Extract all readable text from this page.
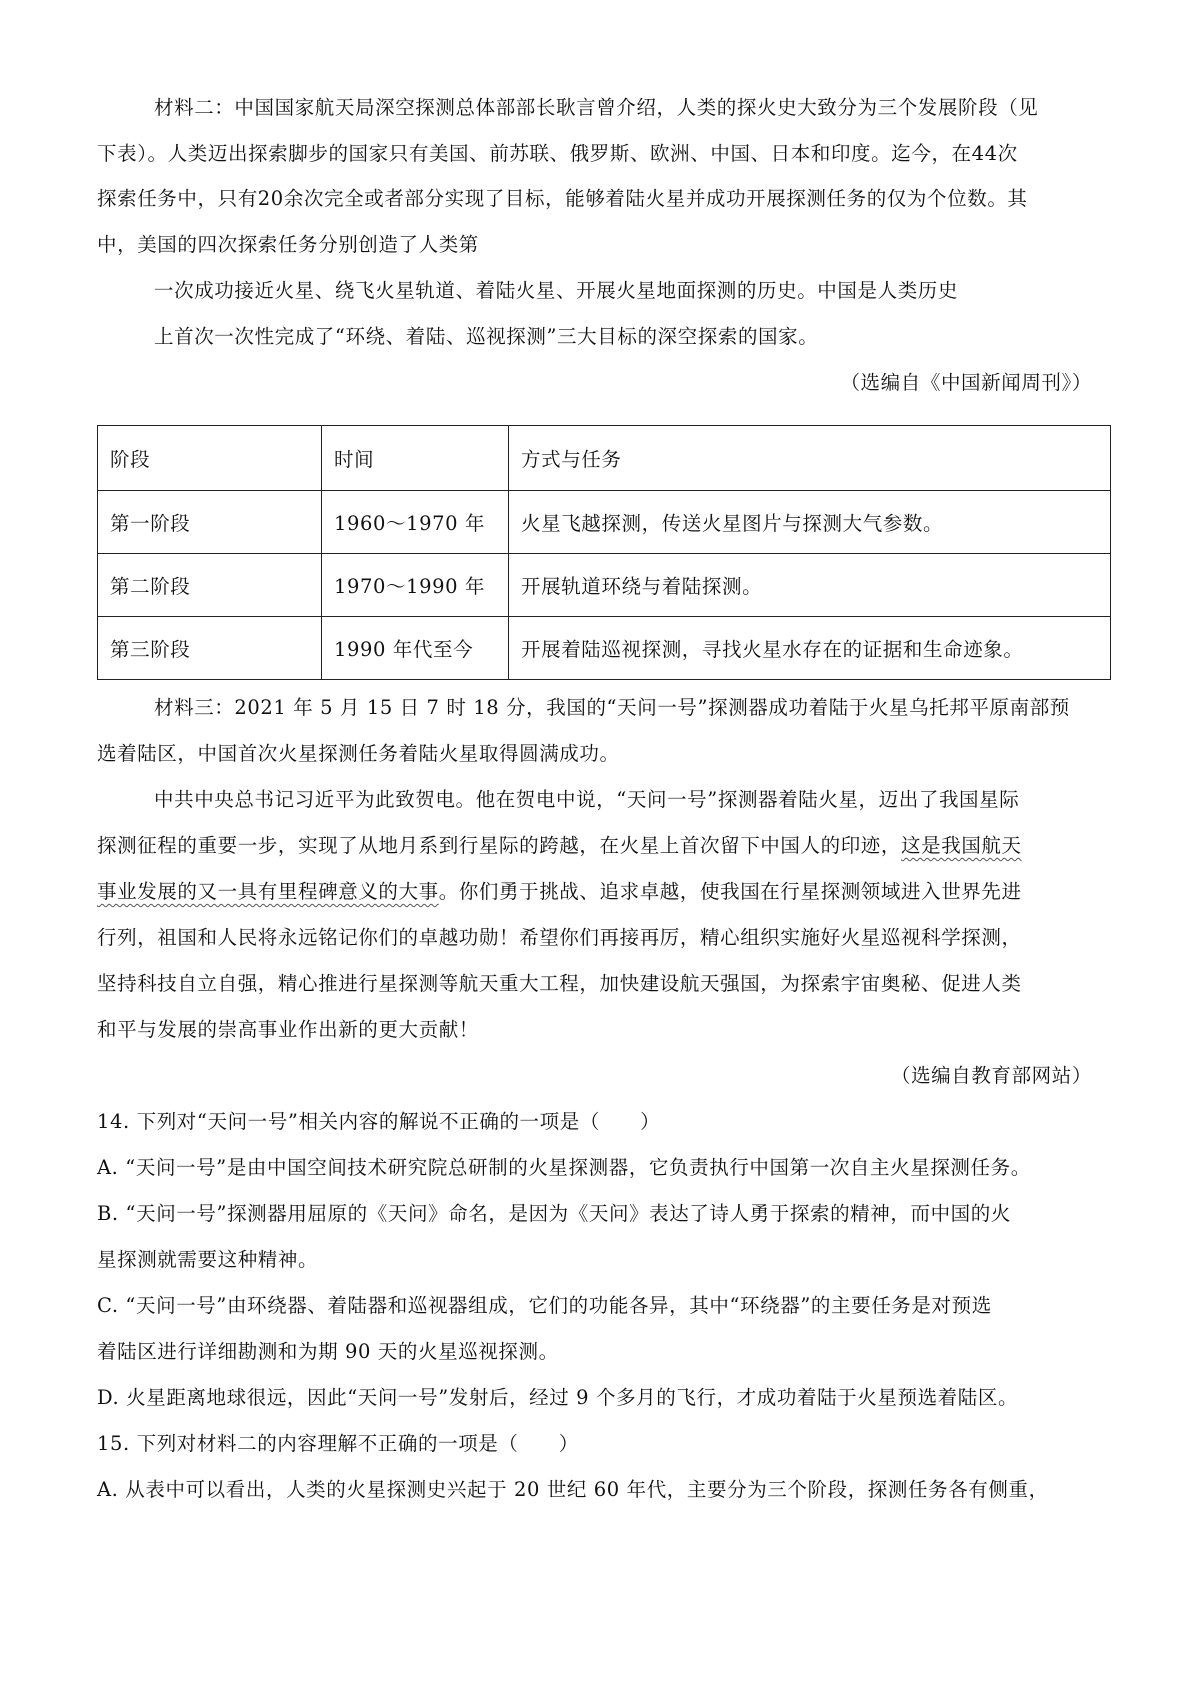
材料二：中国国家航天局深空探测总体部部长耿言曾介绍，人类的探火史大致分为三个发展阶段（见

下表）。人类迈出探索脚步的国家只有美国、前苏联、俄罗斯、欧洲、中国、日本和印度。迄今，在44次

探索任务中，只有20余次完全或者部分实现了目标，能够着陆火星并成功开展探测任务的仅为个位数。其

中，美国的四次探索任务分别创造了人类第

一次成功接近火星、绕飞火星轨道、着陆火星、开展火星地面探测的历史。中国是人类历史

上首次一次性完成了“环绕、着陆、巡视探测”三大目标的深空探索的国家。

（选编自《中国新闻周刊》）

阶段	时间	方式与任务
第一阶段	1960～1970 年	火星飞越探测，传送火星图片与探测大气参数。
第二阶段	1970～1990 年	开展轨道环绕与着陆探测。
第三阶段	1990 年代至今	开展着陆巡视探测，寻找火星水存在的证据和生命迹象。

材料三：2021 年 5 月 15 日 7 时 18 分，我国的“天问一号”探测器成功着陆于火星乌托邦平原南部预

选着陆区，中国首次火星探测任务着陆火星取得圆满成功。

中共中央总书记习近平为此致贺电。他在贺电中说，“天问一号”探测器着陆火星，迈出了我国星际

探测征程的重要一步，实现了从地月系到行星际的跨越，在火星上首次留下中国人的印迹，这是我国航天

事业发展的又一具有里程碑意义的大事。你们勇于挑战、追求卓越，使我国在行星探测领域进入世界先进

行列，祖国和人民将永远铭记你们的卓越功勋！希望你们再接再厉，精心组织实施好火星巡视科学探测，

坚持科技自立自强，精心推进行星探测等航天重大工程，加快建设航天强国，为探索宇宙奥秘、促进人类

和平与发展的崇高事业作出新的更大贡献！

（选编自教育部网站）

14. 下列对“天问一号”相关内容的解说不正确的一项是（　　）

A. “天问一号”是由中国空间技术研究院总研制的火星探测器，它负责执行中国第一次自主火星探测任务。

B. “天问一号”探测器用屈原的《天问》命名，是因为《天问》表达了诗人勇于探索的精神，而中国的火

星探测就需要这种精神。

C. “天问一号”由环绕器、着陆器和巡视器组成，它们的功能各异，其中“环绕器”的主要任务是对预选

着陆区进行详细勘测和为期 90 天的火星巡视探测。

D. 火星距离地球很远，因此“天问一号”发射后，经过 9 个多月的飞行，才成功着陆于火星预选着陆区。

15. 下列对材料二的内容理解不正确的一项是（　　）

A. 从表中可以看出，人类的火星探测史兴起于 20 世纪 60 年代，主要分为三个阶段，探测任务各有侧重，
